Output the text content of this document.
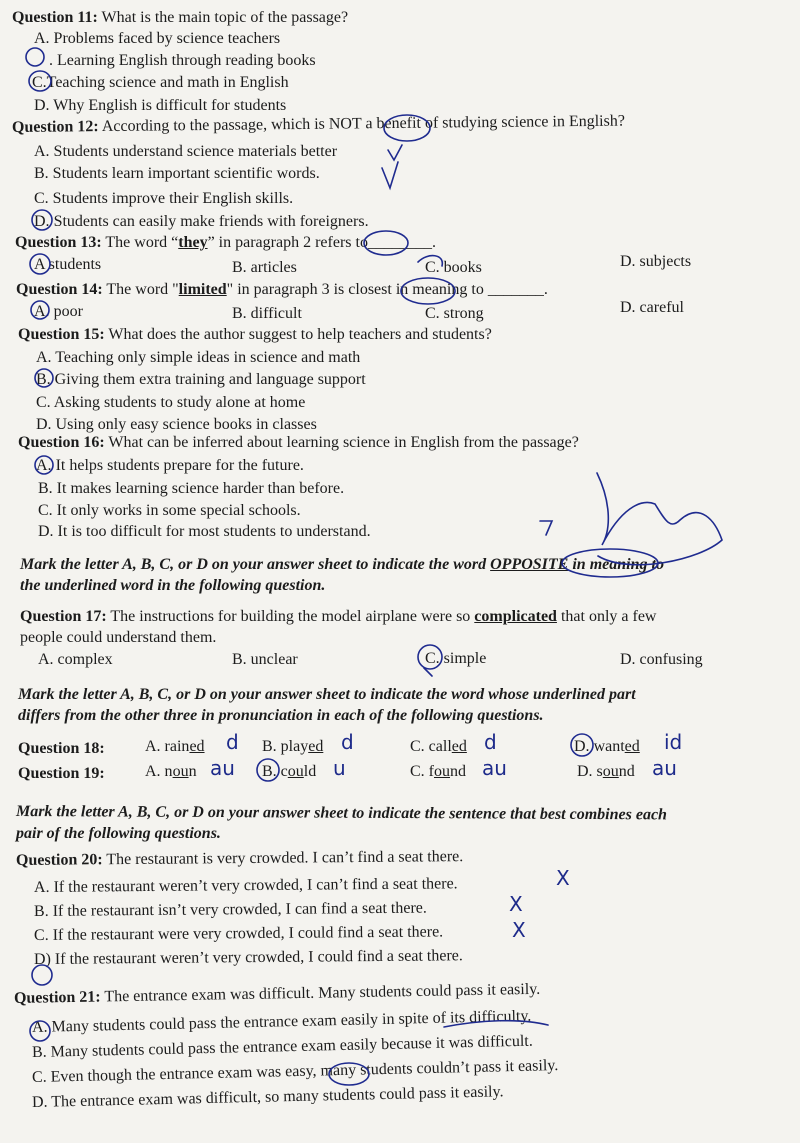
Question 11: What is the main topic of the passage?
A. Problems faced by science teachers
. Learning English through reading books
C.Teaching science and math in English
D. Why English is difficult for students
Question 12: According to the passage, which is NOT a benefit of studying science in English?
A. Students understand science materials better
B. Students learn important scientific words.
C. Students improve their English skills.
D. Students can easily make friends with foreigners.
Question 13: The word “they” in paragraph 2 refers to________.
A students	B. articles	C. books	D. subjects
Question 14: The word "limited" in paragraph 3 is closest in meaning to _______.
A. poor	B. difficult	C. strong	D. careful
Question 15: What does the author suggest to help teachers and students?
A. Teaching only simple ideas in science and math
B. Giving them extra training and language support
C. Asking students to study alone at home
D. Using only easy science books in classes
Question 16: What can be inferred about learning science in English from the passage?
A. It helps students prepare for the future.
B. It makes learning science harder than before.
C. It only works in some special schools.
D. It is too difficult for most students to understand.
Mark the letter A, B, C, or D on your answer sheet to indicate the word OPPOSITE in meaning to
the underlined word in the following question.
Question 17: The instructions for building the model airplane were so complicated that only a few
people could understand them.
A. complex	B. unclear	C. simple	D. confusing
Mark the letter A, B, C, or D on your answer sheet to indicate the word whose underlined part
differs from the other three in pronunciation in each of the following questions.
Question 18:	A. rained d B. played d	C. called d	D. wanted id
Question 19:	A. noun au B. could u	C. found au	D. sound au
Mark the letter A, B, C, or D on your answer sheet to indicate the sentence that best combines each
pair of the following questions.
Question 20: The restaurant is very crowded. I can’t find a seat there.
A. If the restaurant weren’t very crowded, I can’t find a seat there.	X
B. If the restaurant isn’t very crowded, I can find a seat there.	X
C. If the restaurant were very crowded, I could find a seat there.	X
D) If the restaurant weren’t very crowded, I could find a seat there.
Question 21: The entrance exam was difficult. Many students could pass it easily.
A. Many students could pass the entrance exam easily in spite of its difficulty.
B. Many students could pass the entrance exam easily because it was difficult.
C. Even though the entrance exam was easy, many students couldn’t pass it easily.
D. The entrance exam was difficult, so many students could pass it easily.
